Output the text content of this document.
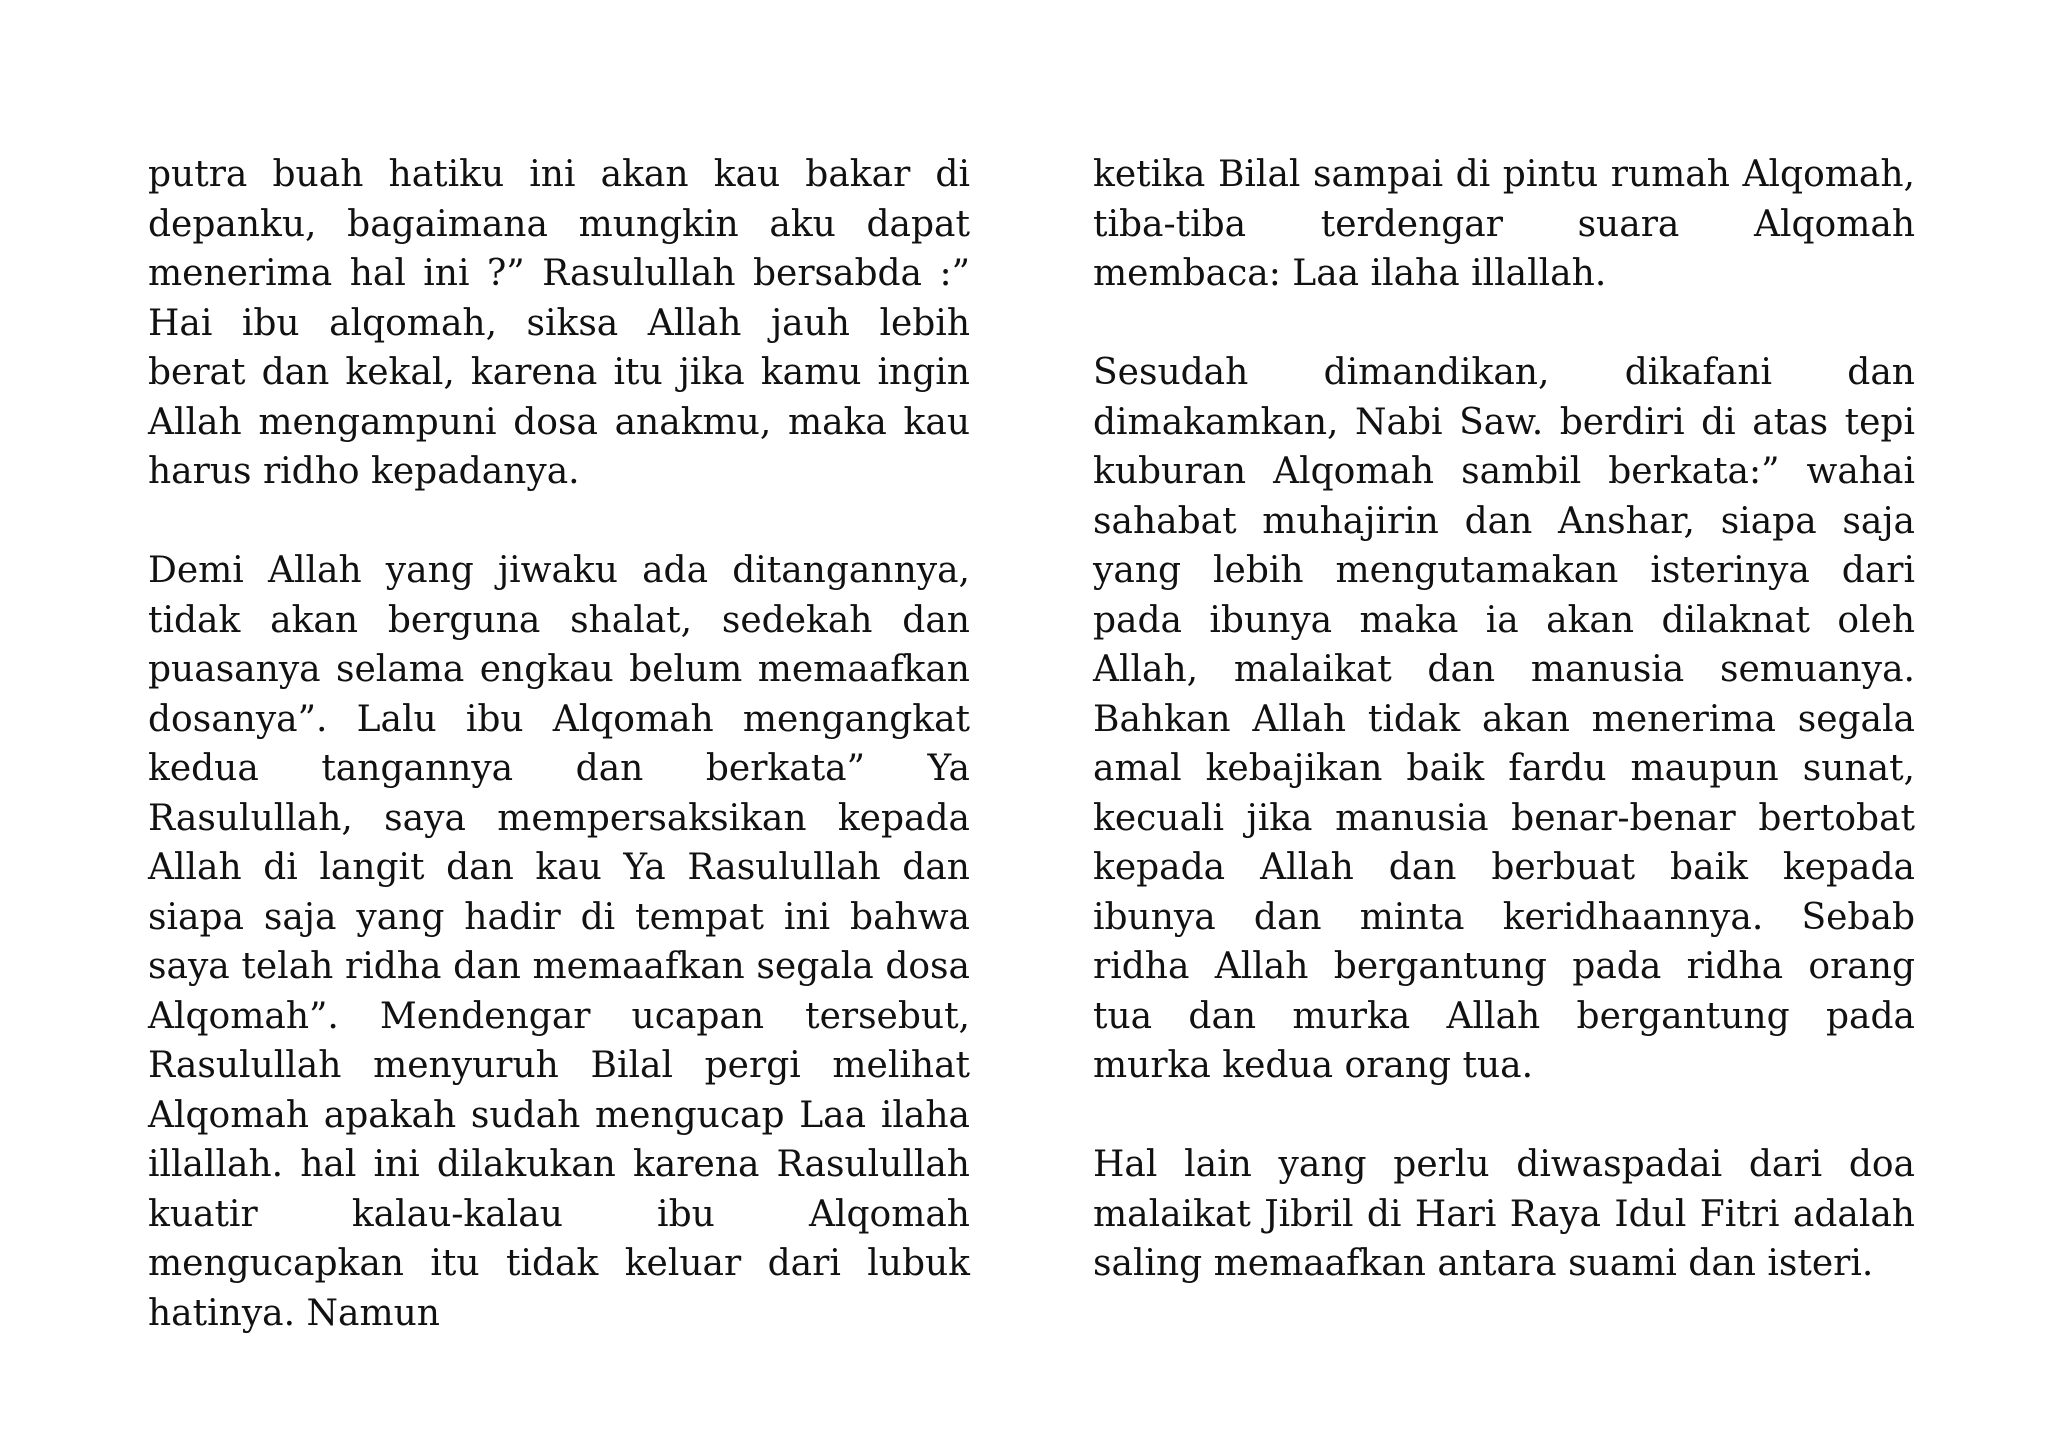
putra buah hatiku ini akan kau bakar di depanku, bagaimana mungkin aku dapat menerima hal ini ?” Rasulullah bersabda :” Hai ibu alqomah, siksa Allah jauh lebih berat dan kekal, karena itu jika kamu ingin Allah mengampuni dosa anakmu, maka kau harus ridho kepadanya.

Demi Allah yang jiwaku ada ditangannya, tidak akan berguna shalat, sedekah dan puasanya selama engkau belum memaafkan dosanya”. Lalu ibu Alqomah mengangkat kedua tangannya dan berkata” Ya Rasulullah, saya mempersaksikan kepada Allah di langit dan kau Ya Rasulullah dan siapa saja yang hadir di tempat ini bahwa saya telah ridha dan memaafkan segala dosa Alqomah”. Mendengar ucapan tersebut, Rasulullah menyuruh Bilal pergi melihat Alqomah apakah sudah mengucap Laa ilaha illallah. hal ini dilakukan karena Rasulullah kuatir kalau-kalau ibu Alqomah mengucapkan itu tidak keluar dari lubuk hatinya. Namun

ketika Bilal sampai di pintu rumah Alqomah, tiba-tiba terdengar suara Alqomah membaca: Laa ilaha illallah.

Sesudah dimandikan, dikafani dan dimakamkan, Nabi Saw. berdiri di atas tepi kuburan Alqomah sambil berkata:” wahai sahabat muhajirin dan Anshar, siapa saja yang lebih mengutamakan isterinya dari pada ibunya maka ia akan dilaknat oleh Allah, malaikat dan manusia semuanya. Bahkan Allah tidak akan menerima segala amal kebajikan baik fardu maupun sunat, kecuali jika manusia benar-benar bertobat kepada Allah dan berbuat baik kepada ibunya dan minta keridhaannya. Sebab ridha Allah bergantung pada ridha orang tua dan murka Allah bergantung pada murka kedua orang tua.

Hal lain yang perlu diwaspadai dari doa malaikat Jibril di Hari Raya Idul Fitri adalah saling memaafkan antara suami dan isteri.
